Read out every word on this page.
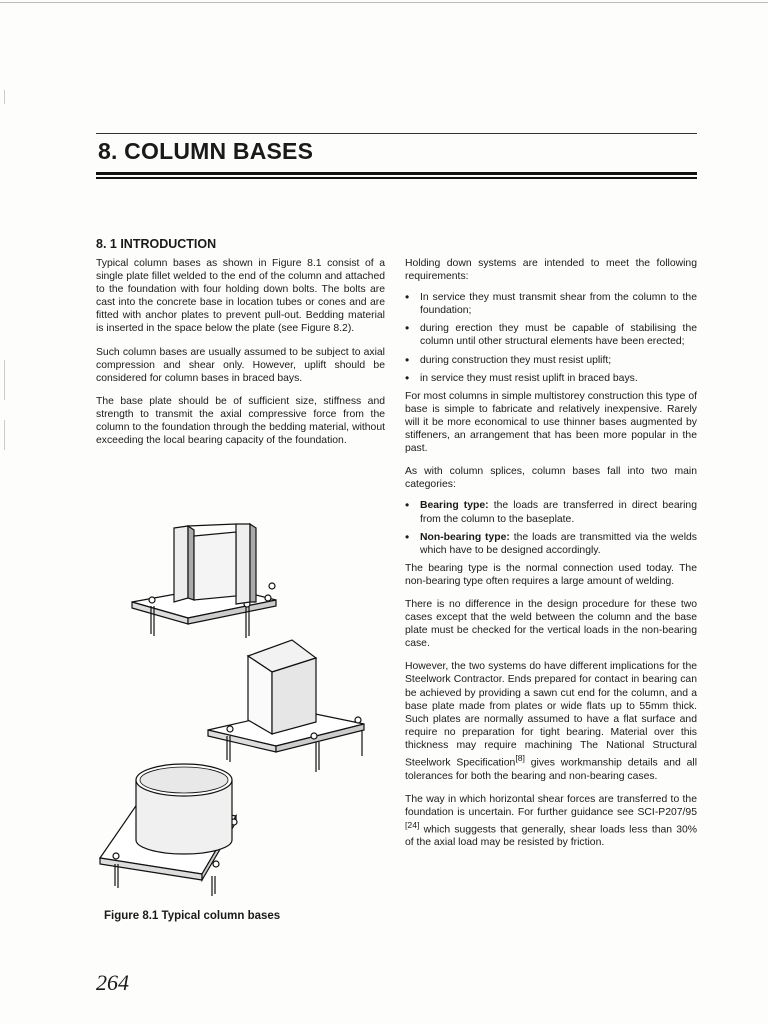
8. COLUMN BASES
8. 1 INTRODUCTION

Typical column bases as shown in Figure 8.1 consist of a single plate fillet welded to the end of the column and attached to the foundation with four holding down bolts. The bolts are cast into the concrete base in location tubes or cones and are fitted with anchor plates to prevent pull-out. Bedding material is inserted in the space below the plate (see Figure 8.2).

Such column bases are usually assumed to be subject to axial compression and shear only. However, uplift should be considered for column bases in braced bays.

The base plate should be of sufficient size, stiffness and strength to transmit the axial compressive force from the column to the foundation through the bedding material, without exceeding the local bearing capacity of the foundation.

Figure 8.1 Typical column bases

Holding down systems are intended to meet the following requirements:

• In service they must transmit shear from the column to the foundation;
• during erection they must be capable of stabilising the column until other structural elements have been erected;
• during construction they must resist uplift;
• in service they must resist uplift in braced bays.

For most columns in simple multistorey construction this type of base is simple to fabricate and relatively inexpensive. Rarely will it be more economical to use thinner bases augmented by stiffeners, an arrangement that has been more popular in the past.

As with column splices, column bases fall into two main categories:

• Bearing type: the loads are transferred in direct bearing from the column to the baseplate.
• Non-bearing type: the loads are transmitted via the welds which have to be designed accordingly.

The bearing type is the normal connection used today. The non-bearing type often requires a large amount of welding.

There is no difference in the design procedure for these two cases except that the weld between the column and the base plate must be checked for the vertical loads in the non-bearing case.

However, the two systems do have different implications for the Steelwork Contractor. Ends prepared for contact in bearing can be achieved by providing a sawn cut end for the column, and a base plate made from plates or wide flats up to 55mm thick. Such plates are normally assumed to have a flat surface and require no preparation for tight bearing. Material over this thickness may require machining The National Structural Steelwork Specification[8] gives workmanship details and all tolerances for both the bearing and non-bearing cases.

The way in which horizontal shear forces are transferred to the foundation is uncertain. For further guidance see SCI-P207/95 [24] which suggests that generally, shear loads less than 30% of the axial load may be resisted by friction.

264
